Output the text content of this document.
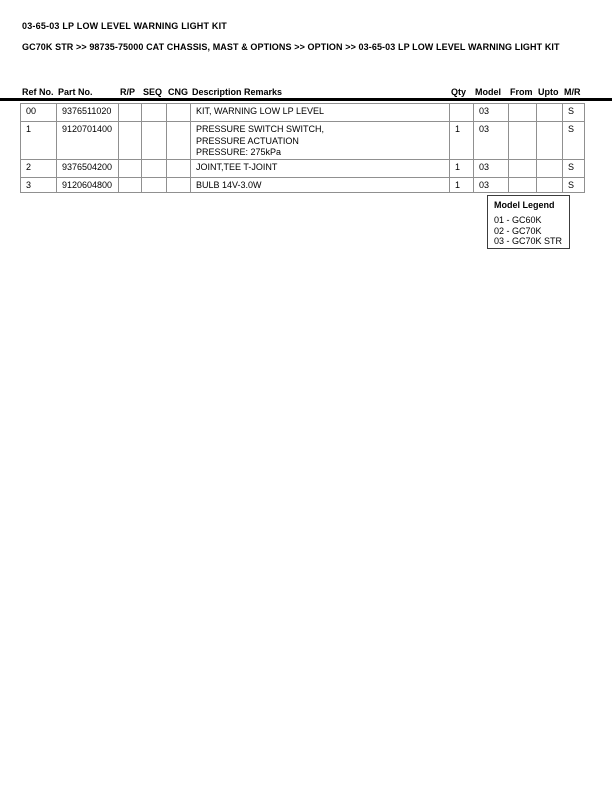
03-65-03 LP LOW LEVEL WARNING LIGHT KIT
GC70K STR >> 98735-75000 CAT CHASSIS, MAST & OPTIONS >> OPTION >> 03-65-03 LP LOW LEVEL WARNING LIGHT KIT
Ref No. Part No.	R/P SEQ CNG Description Remarks	Qty Model	From Upto M/R
00	9376511020				KIT, WARNING LOW LP LEVEL		03			S
1	9120701400				PRESSURE SWITCH SWITCH,
PRESSURE ACTUATION
PRESSURE: 275kPa	1	03			S
2	9376504200				JOINT,TEE T-JOINT	1	03			S
3	9120604800				BULB 14V-3.0W	1	03			S
Model Legend
01 - GC60K
02 - GC70K
03 - GC70K STR
